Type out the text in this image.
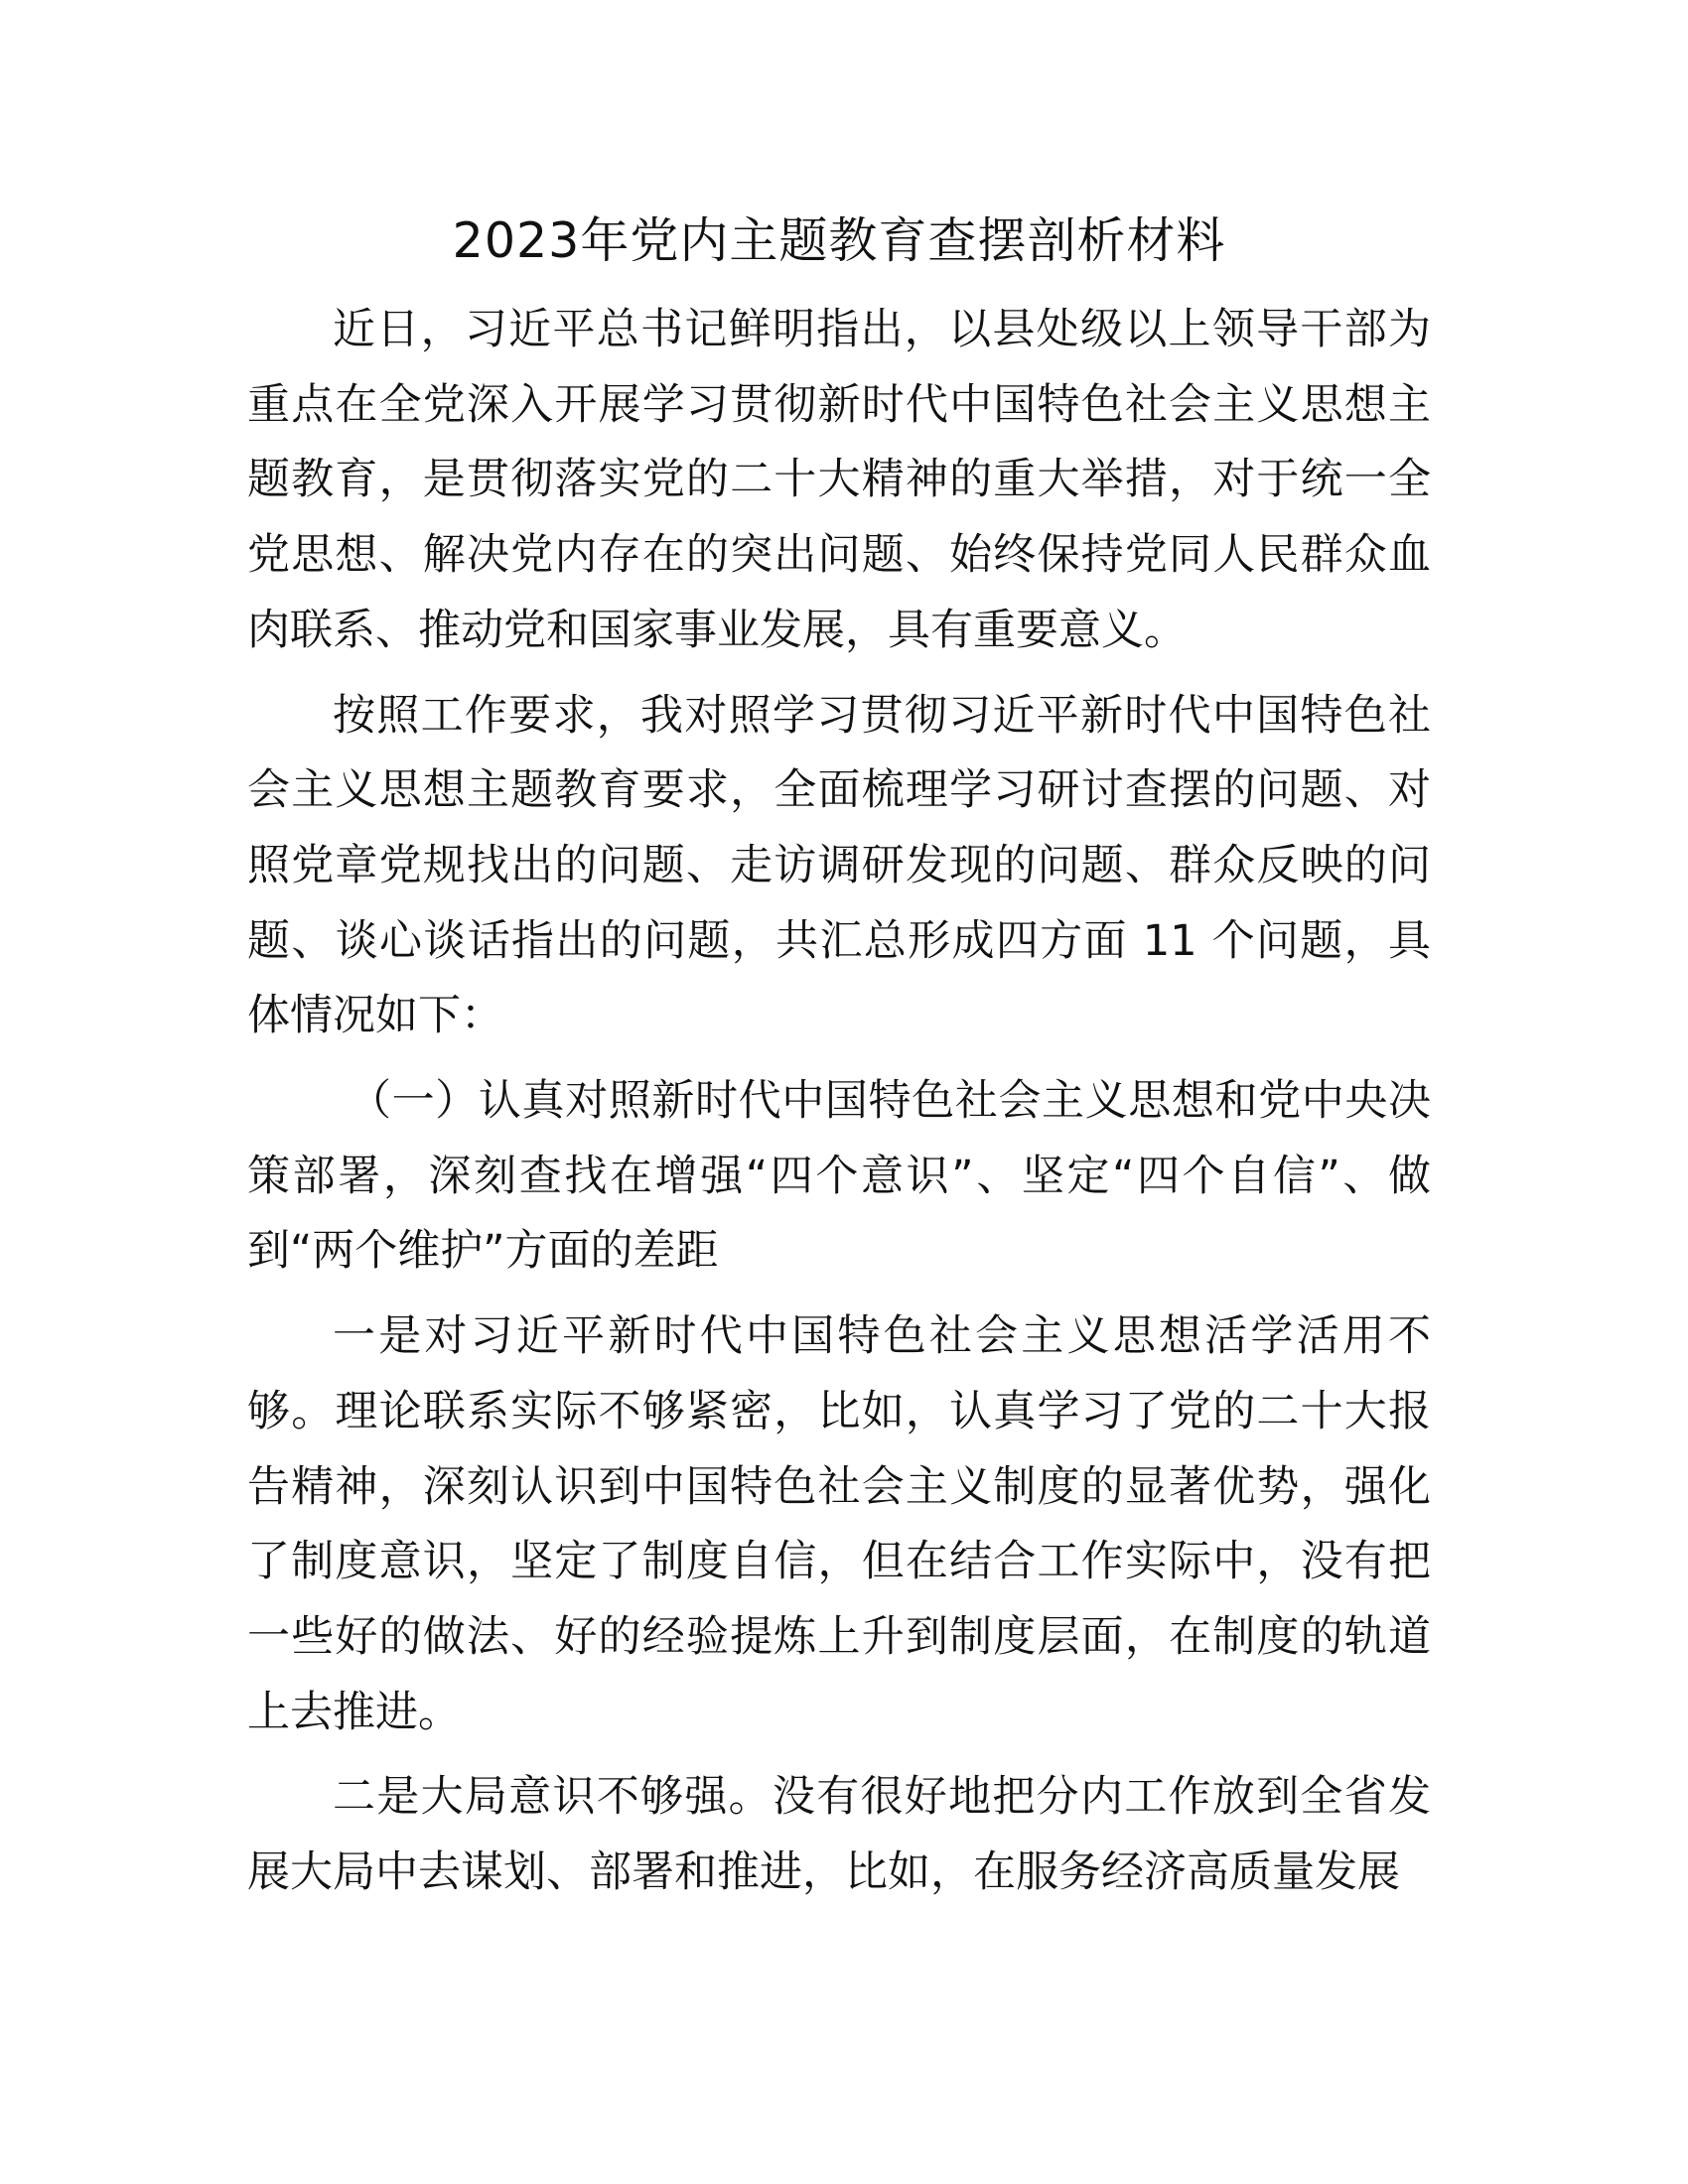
2023年党内主题教育查摆剖析材料

近日，习近平总书记鲜明指出，以县处级以上领导干部为重点在全党深入开展学习贯彻新时代中国特色社会主义思想主题教育，是贯彻落实党的二十大精神的重大举措，对于统一全党思想、解决党内存在的突出问题、始终保持党同人民群众血肉联系、推动党和国家事业发展，具有重要意义。

按照工作要求，我对照学习贯彻习近平新时代中国特色社会主义思想主题教育要求，全面梳理学习研讨查摆的问题、对照党章党规找出的问题、走访调研发现的问题、群众反映的问题、谈心谈话指出的问题，共汇总形成四方面 11 个问题，具体情况如下：

（一）认真对照新时代中国特色社会主义思想和党中央决策部署，深刻查找在增强“四个意识”、坚定“四个自信”、做到“两个维护”方面的差距

一是对习近平新时代中国特色社会主义思想活学活用不够。理论联系实际不够紧密，比如，认真学习了党的二十大报告精神，深刻认识到中国特色社会主义制度的显著优势，强化了制度意识，坚定了制度自信，但在结合工作实际中，没有把一些好的做法、好的经验提炼上升到制度层面，在制度的轨道上去推进。

二是大局意识不够强。没有很好地把分内工作放到全省发展大局中去谋划、部署和推进，比如，在服务经济高质量发展
